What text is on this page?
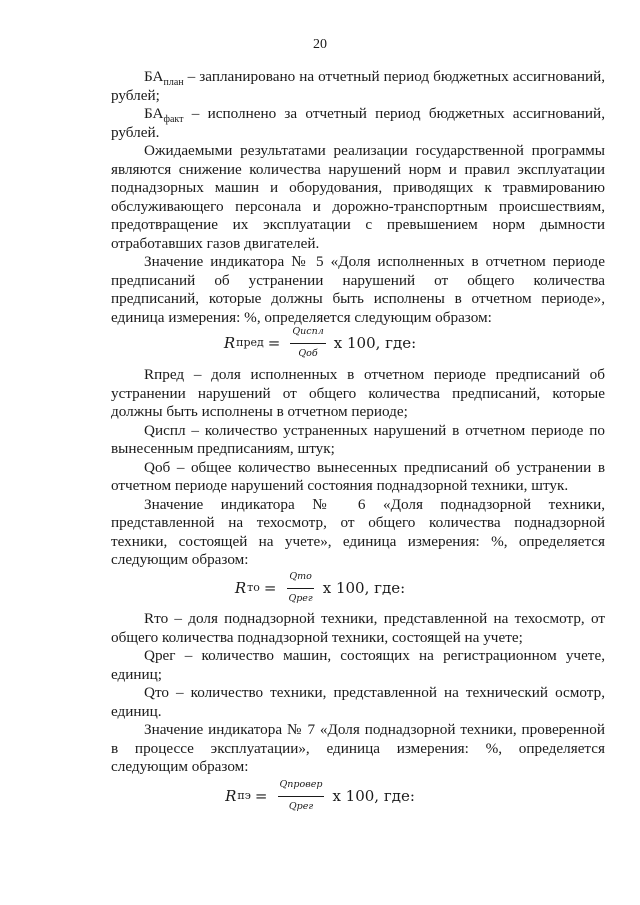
20
$БА_{план}$ – запланировано на отчетный период бюджетных ассигнований, рублей;
$БА_{факт}$ – исполнено за отчетный период бюджетных ассигнований, рублей.
Ожидаемыми результатами реализации государственной программы являются снижение количества нарушений норм и правил эксплуатации поднадзорных машин и оборудования, приводящих к травмированию обслуживающего персонала и дорожно-транспортным происшествиям, предотвращение их эксплуатации с превышением норм дымности отработавших газов двигателей.
Значение индикатора № 5 «Доля исполненных в отчетном периоде предписаний об устранении нарушений от общего количества предписаний, которые должны быть исполнены в отчетном периоде», единица измерения: %, определяется следующим образом:
R пред = $\frac{\text{Qиспл}}{\text{Qоб}}$ х 100, где:
Rпред – доля исполненных в отчетном периоде предписаний об устранении нарушений от общего количества предписаний, которые должны быть исполнены в отчетном периоде;
Qиспл – количество устраненных нарушений в отчетном периоде по вынесенным предписаниям, штук;
Qоб – общее количество вынесенных предписаний об устранении в отчетном периоде нарушений состояния поднадзорной техники, штук.
Значение индикатора № 6 «Доля поднадзорной техники, представленной на техосмотр, от общего количества поднадзорной техники, состоящей на учете», единица измерения: %, определяется следующим образом:
R то = $\frac{\text{Qто}}{\text{Qрег}}$ х 100, где:
Rто – доля поднадзорной техники, представленной на техосмотр, от общего количества поднадзорной техники, состоящей на учете;
Qрег – количество машин, состоящих на регистрационном учете, единиц;
Qто – количество техники, представленной на технический осмотр, единиц.
Значение индикатора № 7 «Доля поднадзорной техники, проверенной в процессе эксплуатации», единица измерения: %, определяется следующим образом:
R пэ = $\frac{\text{Qпровер}}{\text{Qрег}}$ х 100, где:
